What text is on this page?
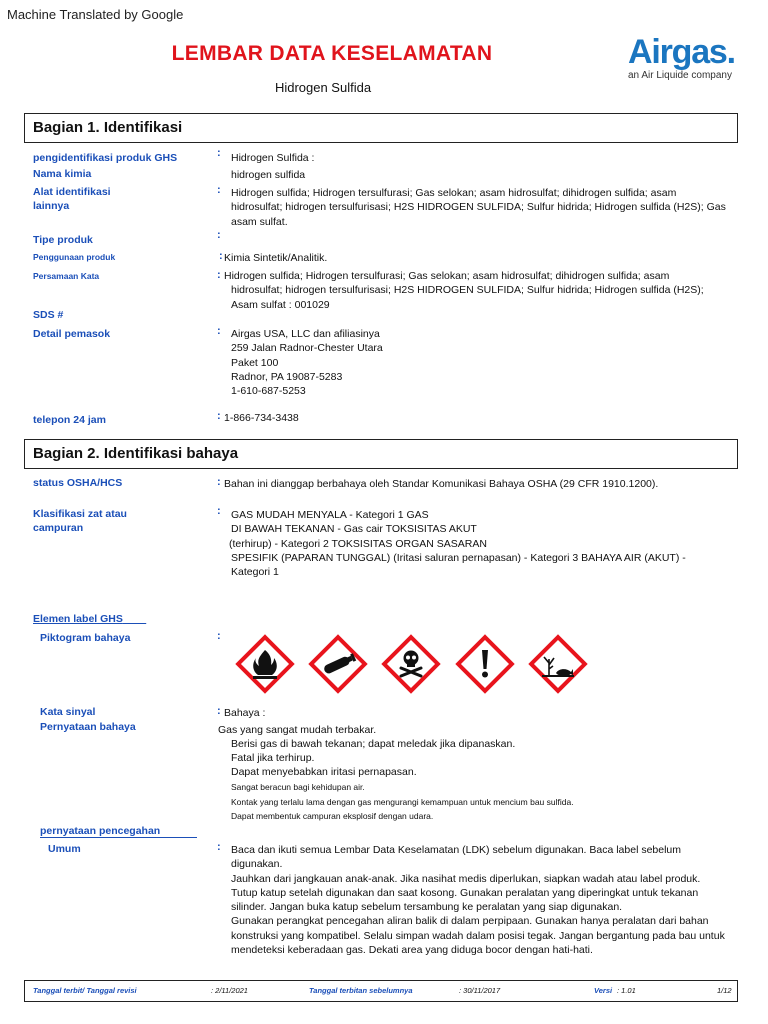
Machine Translated by Google
LEMBAR DATA KESELAMATAN
Hidrogen Sulfida
Airgas.
an Air Liquide company
Bagian 1. Identifikasi
pengidentifikasi produk GHS	: Hidrogen Sulfida :
Nama kimia	hidrogen sulfida
Alat identifikasi
lainnya
: Hidrogen sulfida; Hidrogen tersulfurasi; Gas selokan; asam hidrosulfat; dihidrogen sulfida; asam
hidrosulfat; hidrogen tersulfurisasi; H2S HIDROGEN SULFIDA; Sulfur hidrida; Hidrogen sulfida (H2S); Gas
asam sulfat.
Tipe produk	:
Penggunaan produk	: Kimia Sintetik/Analitik.
Persamaan Kata	: Hidrogen sulfida; Hidrogen tersulfurasi; Gas selokan; asam hidrosulfat; dihidrogen sulfida; asam
hidrosulfat; hidrogen tersulfurisasi; H2S HIDROGEN SULFIDA; Sulfur hidrida; Hidrogen sulfida (H2S);
Asam sulfat : 001029
SDS #
Detail pemasok	: Airgas USA, LLC dan afiliasinya
259 Jalan Radnor-Chester Utara
Paket 100
Radnor, PA 19087-5283
1-610-687-5253
telepon 24 jam	: 1-866-734-3438
Bagian 2. Identifikasi bahaya
status OSHA/HCS	: Bahan ini dianggap berbahaya oleh Standar Komunikasi Bahaya OSHA (29 CFR 1910.1200).
Klasifikasi zat atau
campuran
: GAS MUDAH MENYALA - Kategori 1 GAS
DI BAWAH TEKANAN - Gas cair TOKSISITAS AKUT
(terhirup) - Kategori 2 TOKSISITAS ORGAN SASARAN
SPESIFIK (PAPARAN TUNGGAL) (Iritasi saluran pernapasan) - Kategori 3 BAHAYA AIR (AKUT) -
Kategori 1
Elemen label GHS
Piktogram bahaya	:
Kata sinyal	: Bahaya :
Pernyataan bahaya	Gas yang sangat mudah terbakar.
Berisi gas di bawah tekanan; dapat meledak jika dipanaskan.
Fatal jika terhirup.
Dapat menyebabkan iritasi pernapasan.
Sangat beracun bagi kehidupan air.
Kontak yang terlalu lama dengan gas mengurangi kemampuan untuk mencium bau sulfida.
Dapat membentuk campuran eksplosif dengan udara.
pernyataan pencegahan
Umum	: Baca dan ikuti semua Lembar Data Keselamatan (LDK) sebelum digunakan. Baca label sebelum digunakan.
Jauhkan dari jangkauan anak-anak. Jika nasihat medis diperlukan, siapkan wadah atau label produk.
Tutup katup setelah digunakan dan saat kosong. Gunakan peralatan yang diperingkat untuk tekanan
silinder. Jangan buka katup sebelum tersambung ke peralatan yang siap digunakan.
Gunakan perangkat pencegahan aliran balik di dalam perpipaan. Gunakan hanya peralatan dari bahan
konstruksi yang kompatibel. Selalu simpan wadah dalam posisi tegak. Jangan bergantung pada bau untuk
mendeteksi keberadaan gas. Dekati area yang diduga bocor dengan hati-hati.
Tanggal terbit/ Tanggal revisi	: 2/11/2021	Tanggal terbitan sebelumnya	: 30/11/2017	Versi : 1.01	1/12
